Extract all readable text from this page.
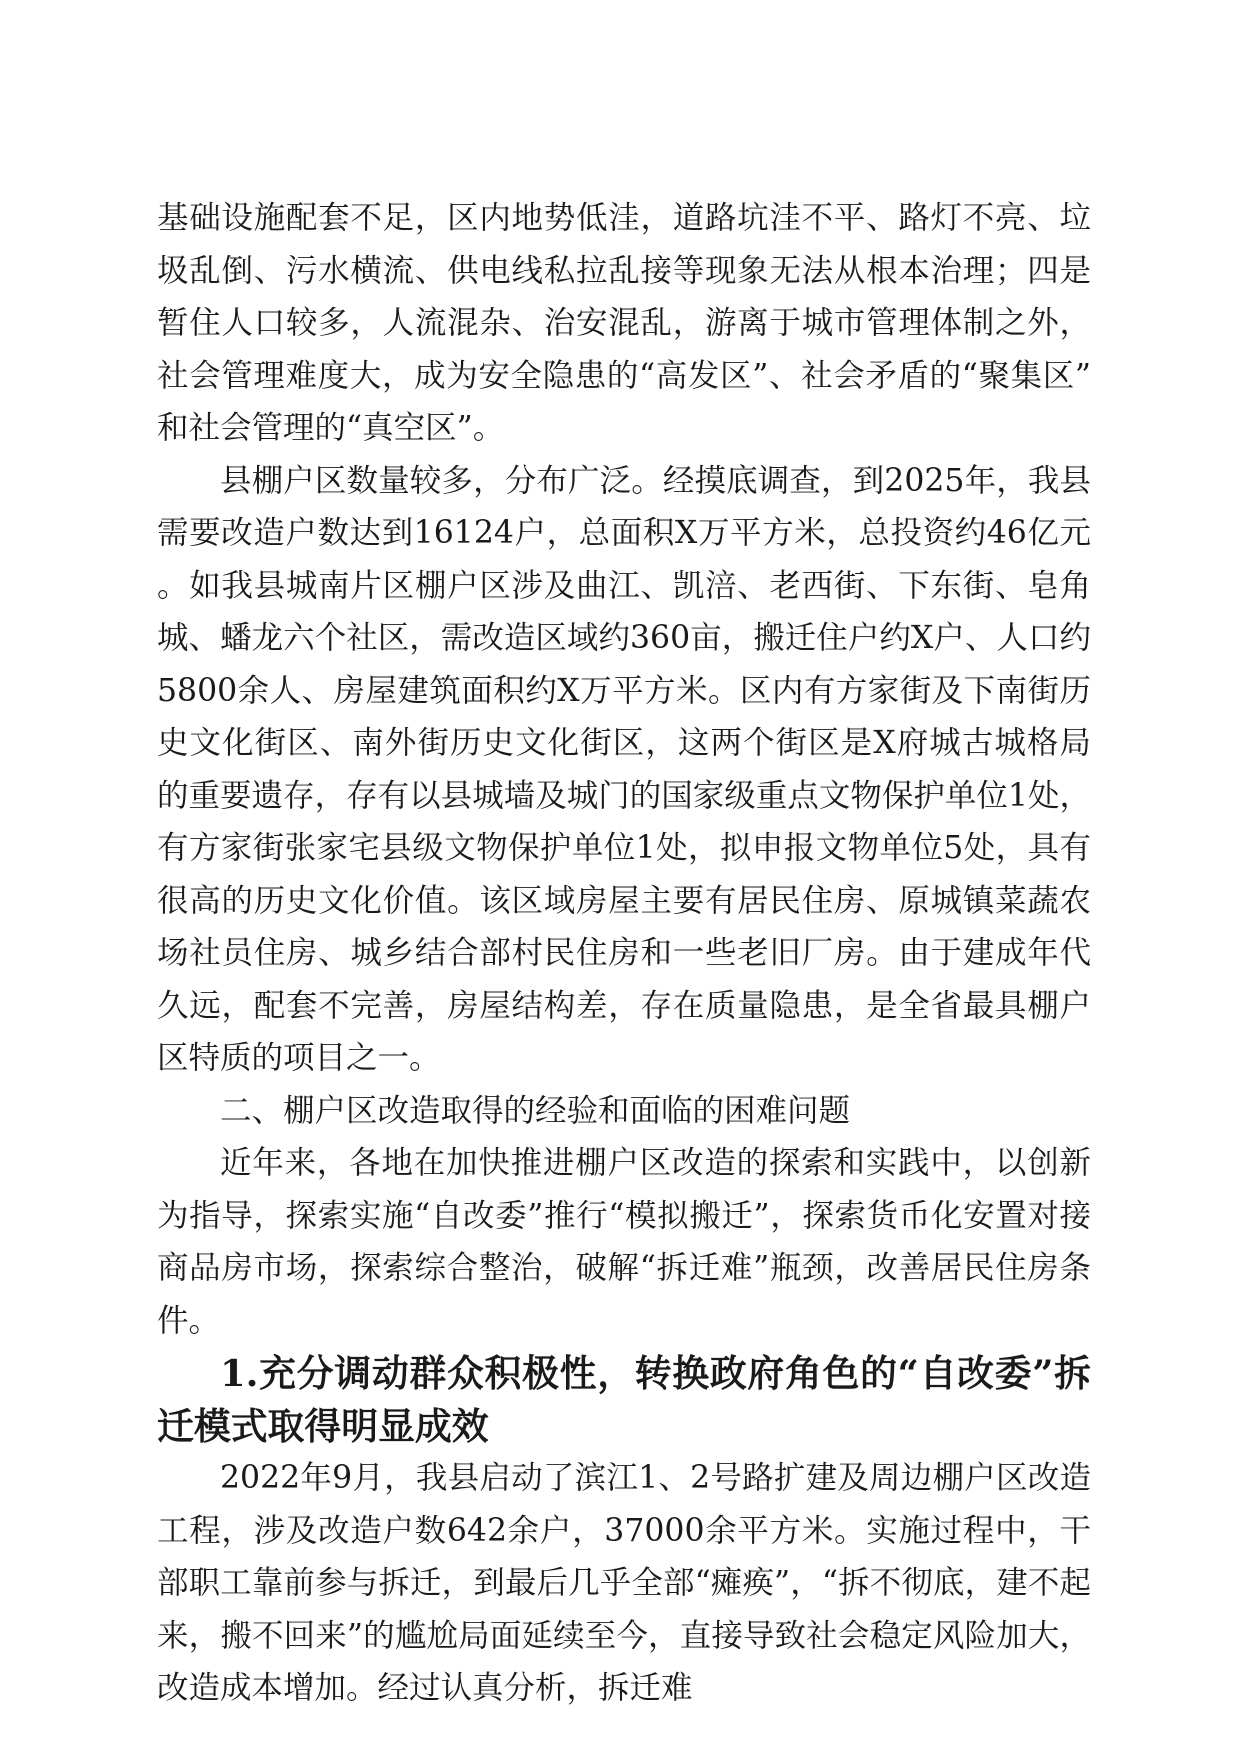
基础设施配套不足，区内地势低洼，道路坑洼不平、路灯不亮、垃圾乱倒、污水横流、供电线私拉乱接等现象无法从根本治理；四是暂住人口较多，人流混杂、治安混乱，游离于城市管理体制之外，社会管理难度大，成为安全隐患的“高发区”、社会矛盾的“聚集区”和社会管理的“真空区”。

县棚户区数量较多，分布广泛。经摸底调查，到2025年，我县需要改造户数达到16124户，总面积X万平方米，总投资约46亿元。如我县城南片区棚户区涉及曲江、凯涪、老西街、下东街、皂角城、蟠龙六个社区，需改造区域约360亩，搬迁住户约X户、人口约5800余人、房屋建筑面积约X万平方米。区内有方家街及下南街历史文化街区、南外街历史文化街区，这两个街区是X府城古城格局的重要遗存，存有以县城墙及城门的国家级重点文物保护单位1处，有方家街张家宅县级文物保护单位1处，拟申报文物单位5处，具有很高的历史文化价值。该区域房屋主要有居民住房、原城镇菜蔬农场社员住房、城乡结合部村民住房和一些老旧厂房。由于建成年代久远，配套不完善，房屋结构差，存在质量隐患，是全省最具棚户区特质的项目之一。

二、棚户区改造取得的经验和面临的困难问题

近年来，各地在加快推进棚户区改造的探索和实践中，以创新为指导，探索实施“自改委”推行“模拟搬迁”，探索货币化安置对接商品房市场，探索综合整治，破解“拆迁难”瓶颈，改善居民住房条件。

1.充分调动群众积极性，转换政府角色的“自改委”拆迁模式取得明显成效

2022年9月，我县启动了滨江1、2号路扩建及周边棚户区改造工程，涉及改造户数642余户，37000余平方米。实施过程中，干部职工靠前参与拆迁，到最后几乎全部“瘫痪”，“拆不彻底，建不起来，搬不回来”的尴尬局面延续至今，直接导致社会稳定风险加大，改造成本增加。经过认真分析，拆迁难
